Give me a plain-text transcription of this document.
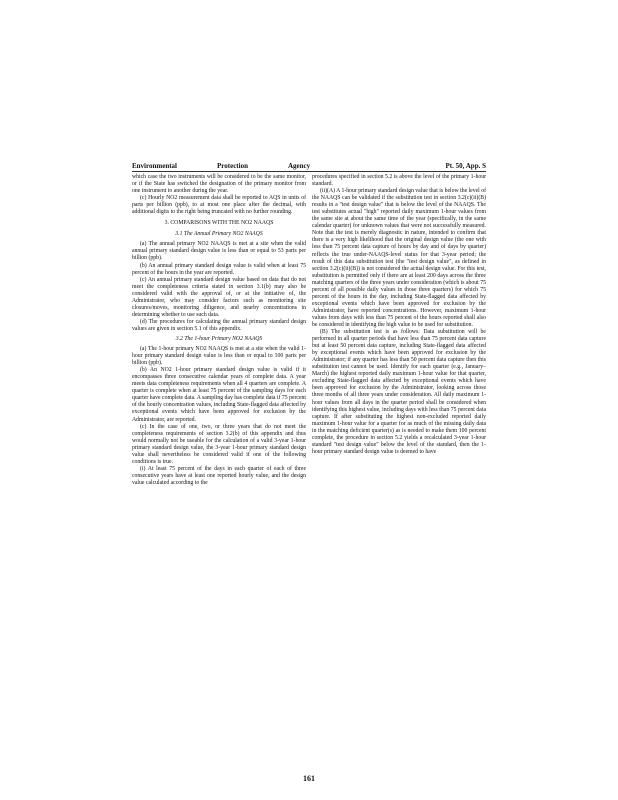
Environmental	Protection	Agency	Pt. 50, App. S

which case the two instruments will be considered to be the same monitor, or if the State has switched the designation of the primary monitor from one instrument to another during the year.

(c) Hourly NO2 measurement data shall be reported to AQS in units of parts per billion (ppb), to at most one place after the decimal, with additional digits to the right being truncated with no further rounding.

3. COMPARISONS WITH THE NO2 NAAQS

3.1 The Annual Primary NO2 NAAQS

(a) The annual primary NO2 NAAQS is met at a site when the valid annual primary standard design value is less than or equal to 53 parts per billion (ppb).

(b) An annual primary standard design value is valid when at least 75 percent of the hours in the year are reported.

(c) An annual primary standard design value based on data that do not meet the completeness criteria stated in section 3.1(b) may also be considered valid with the approval of, or at the initiative of, the Administrator, who may consider factors such as monitoring site closures/moves, monitoring diligence, and nearby concentrations in determining whether to use such data.

(d) The procedures for calculating the annual primary standard design values are given in section 5.1 of this appendix.

3.2 The 1-hour Primary NO2 NAAQS

(a) The 1-hour primary NO2 NAAQS is met at a site when the valid 1-hour primary standard design value is less than or equal to 100 parts per billion (ppb).

(b) An NO2 1-hour primary standard design value is valid if it encompasses three consecutive calendar years of complete data. A year meets data completeness requirements when all 4 quarters are complete. A quarter is complete when at least 75 percent of the sampling days for each quarter have complete data. A sampling day has complete data if 75 percent of the hourly concentration values, including State-flagged data affected by exceptional events which have been approved for exclusion by the Administrator, are reported.

(c) In the case of one, two, or three years that do not meet the completeness requirements of section 3.2(b) of this appendix and thus would normally not be useable for the calculation of a valid 3-year 1-hour primary standard design value, the 3-year 1-hour primary standard design value shall nevertheless be considered valid if one of the following conditions is true.

(i) At least 75 percent of the days in each quarter of each of three consecutive years have at least one reported hourly value, and the design value calculated according to the

procedures specified in section 5.2 is above the level of the primary 1-hour standard.

(ii)(A) A 1-hour primary standard design value that is below the level of the NAAQS can be validated if the substitution test in section 3.2(c)(ii)(B) results in a "test design value" that is below the level of the NAAQS. The test substitutes actual "high" reported daily maximum 1-hour values from the same site at about the same time of the year (specifically, in the same calendar quarter) for unknown values that were not successfully measured. Note that the test is merely diagnostic in nature, intended to confirm that there is a very high likelihood that the original design value (the one with less than 75 percent data capture of hours by day and of days by quarter) reflects the true under-NAAQS-level status for that 3-year period; the result of this data substitution test (the "test design value", as defined in section 3.2(c)(ii)(B)) is not considered the actual design value. For this test, substitution is permitted only if there are at least 200 days across the three matching quarters of the three years under consideration (which is about 75 percent of all possible daily values in those three quarters) for which 75 percent of the hours in the day, including State-flagged data affected by exceptional events which have been approved for exclusion by the Administrator, have reported concentrations. However, maximum 1-hour values from days with less than 75 percent of the hours reported shall also be considered in identifying the high value to be used for substitution.

(B) The substitution test is as follows: Data substitution will be performed in all quarter periods that have less than 75 percent data capture but at least 50 percent data capture, including State-flagged data affected by exceptional events which have been approved for exclusion by the Administrator; if any quarter has less than 50 percent data capture then this substitution test cannot be used. Identify for each quarter (e.g., January–March) the highest reported daily maximum 1-hour value for that quarter, excluding State-flagged data affected by exceptional events which have been approved for exclusion by the Administrator, looking across those three months of all three years under consideration. All daily maximum 1-hour values from all days in the quarter period shall be considered when identifying this highest value, including days with less than 75 percent data capture. If after substituting the highest non-excluded reported daily maximum 1-hour value for a quarter for as much of the missing daily data in the matching deficient quarter(s) as is needed to make them 100 percent complete, the procedure in section 5.2 yields a recalculated 3-year 1-hour standard "test design value" below the level of the standard, then the 1-hour primary standard design value is deemed to have

161
